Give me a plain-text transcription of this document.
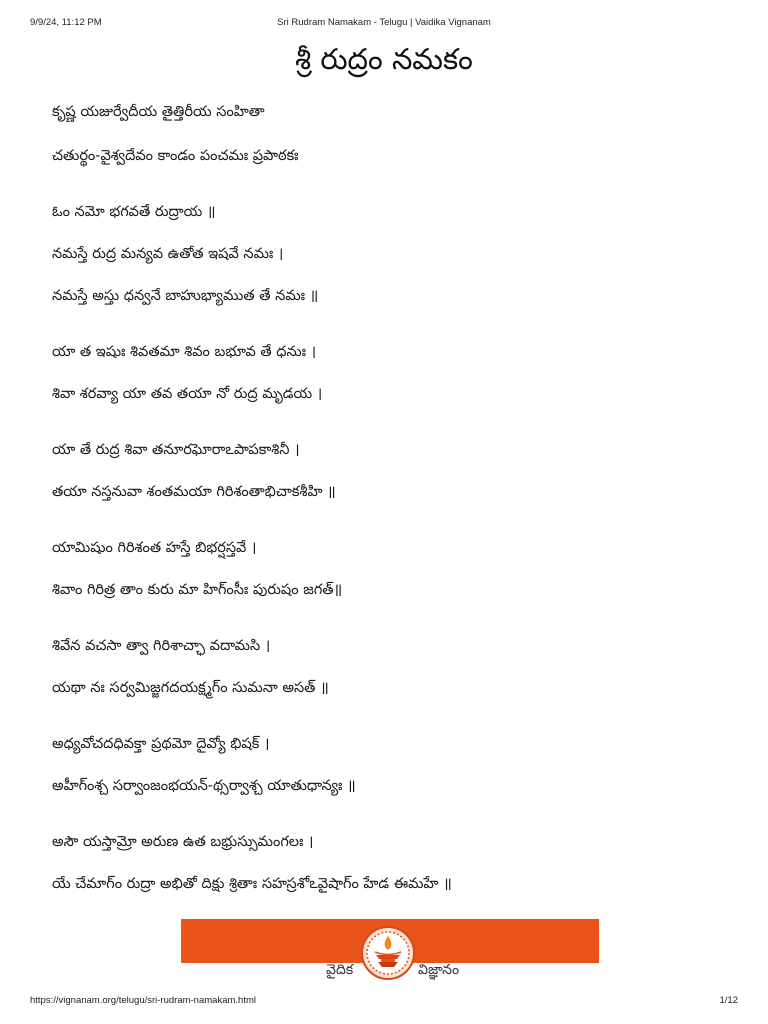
9/9/24, 11:12 PM	Sri Rudram Namakam - Telugu | Vaidika Vignanam
శ్రీ రుద్రం నమకం
కృష్ణ యజుర్వేదీయ తైత్తిరీయ సంహితా
చతుర్థం-వైశ్వదేవం కాండం పంచమః ప్రపాఠకః
ఓం నమో భగవతే రుద్రాయ ॥
నమస్తే రుద్ర మన్యవ ఉతోత ఇషవే నమః ।
నమస్తే అస్తు ధన్వనే బాహుభ్యాముత తే నమః ॥
యా త ఇషుః శివతమా శివం బభూవ తే ధనుః ।
శివా శరవ్యా యా తవ తయా నో రుద్ర మృడయ ।
యా తే రుద్ర శివా తనూరఘోరాఽపాపకాశినీ ।
తయా నస్తనువా శంతమయా గిరిశంతాభిచాకశీహి ॥
యామిషుం గిరిశంత హస్తే బిభర్షస్తవే ।
శివాం గిరిత్ర తాం కురు మా హిగ్ంసీః పురుషం జగత్॥
శివేన వచసా త్వా గిరిశాచ్ఛా వదామసి ।
యథా నః సర్వమిజ్జగదయక్ష్మగ్ం సుమనా అసత్ ॥
అధ్యవోచదధివక్తా ప్రథమో దైవ్యో భిషక్ ।
అహీగ్ంశ్చ సర్వాంజంభయన్-థ్సర్వాశ్చ యాతుధాన్యః ॥
అసౌ యస్తామ్రో అరుణ ఉత బభ్రుస్సుమంగలః ।
యే చేమాగ్ం రుద్రా అభితో దిక్షు శ్రితాః సహస్రశోఽవైషాగ్ం హేడ ఈమహే ॥
వైదిక	విజ్ఞానం
https://vignanam.org/telugu/sri-rudram-namakam.html	1/12
